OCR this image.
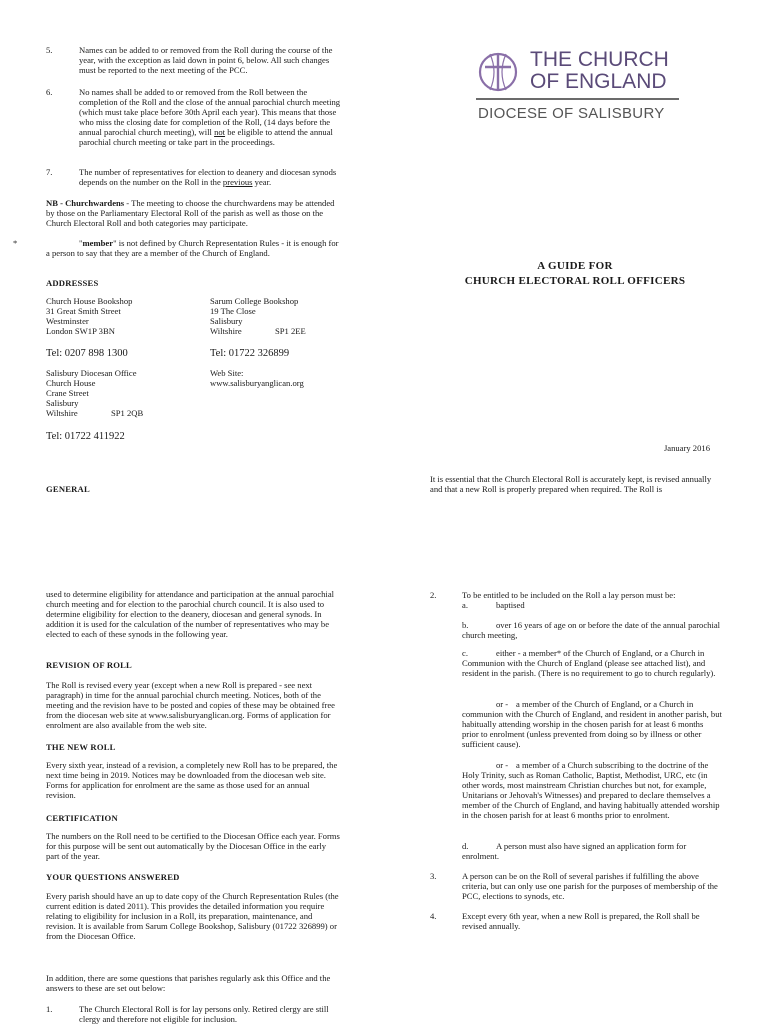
5.	Names can be added to or removed from the Roll during the course of the year, with the exception as laid down in point 6, below. All such changes must be reported to the next meeting of the PCC.
6.	No names shall be added to or removed from the Roll between the completion of the Roll and the close of the annual parochial church meeting (which must take place before 30th April each year). This means that those who miss the closing date for completion of the Roll, (14 days before the annual parochial church meeting), will not be eligible to attend the annual parochial church meeting or take part in the proceedings.
7.	The number of representatives for election to deanery and diocesan synods depends on the number on the Roll in the previous year.
NB - Churchwardens - The meeting to choose the churchwardens may be attended by those on the Parliamentary Electoral Roll of the parish as well as those on the Church Electoral Roll and both categories may participate.
*	"member" is not defined by Church Representation Rules - it is enough for a person to say that they are a member of the Church of England.
ADDRESSES
Church House Bookshop
31 Great Smith Street
Westminster
London SW1P 3BN
Tel: 0207 898 1300
Sarum College Bookshop
19 The Close
Salisbury
Wiltshire	SP1 2EE
Tel: 01722 326899
Salisbury Diocesan Office
Church House
Crane Street
Salisbury
Wiltshire	SP1 2QB
Web Site:
www.salisburyanglican.org
Tel: 01722 411922
GENERAL
THE CHURCH
OF ENGLAND
DIOCESE OF SALISBURY
A GUIDE FOR
CHURCH ELECTORAL ROLL OFFICERS
January 2016
It is essential that the Church Electoral Roll is accurately kept, is revised annually and that a new Roll is properly prepared when required. The Roll is
used to determine eligibility for attendance and participation at the annual parochial church meeting and for election to the parochial church council. It is also used to determine eligibility for election to the deanery, diocesan and general synods. In addition it is used for the calculation of the number of representatives who may be elected to each of these synods in the following year.
REVISION OF ROLL
The Roll is revised every year (except when a new Roll is prepared - see next paragraph) in time for the annual parochial church meeting. Notices, both of the meeting and the revision have to be posted and copies of these may be obtained free from the diocesan web site at www.salisburyanglican.org. Forms of application for enrolment are also available from the web site.
THE NEW ROLL
Every sixth year, instead of a revision, a completely new Roll has to be prepared, the next time being in 2019. Notices may be downloaded from the diocesan web site. Forms for application for enrolment are the same as those used for an annual revision.
CERTIFICATION
The numbers on the Roll need to be certified to the Diocesan Office each year. Forms for this purpose will be sent out automatically by the Diocesan Office in the early part of the year.
YOUR QUESTIONS ANSWERED
Every parish should have an up to date copy of the Church Representation Rules (the current edition is dated 2011). This provides the detailed information you require relating to eligibility for inclusion in a Roll, its preparation, maintenance, and revision. It is available from Sarum College Bookshop, Salisbury (01722 326899) or from the Diocesan Office.
In addition, there are some questions that parishes regularly ask this Office and the answers to these are set out below:
1.	The Church Electoral Roll is for lay persons only. Retired clergy are still clergy and therefore not eligible for inclusion.
2.	To be entitled to be included on the Roll a lay person must be:
a.	baptised
b.	over 16 years of age on or before the date of the annual parochial church meeting,
c.	either - a member* of the Church of England, or a Church in Communion with the Church of England (please see attached list), and resident in the parish. (There is no requirement to go to church regularly).
or - a member of the Church of England, or a Church in communion with the Church of England, and resident in another parish, but habitually attending worship in the chosen parish for at least 6 months prior to enrolment (unless prevented from doing so by illness or other sufficient cause).
or - a member of a Church subscribing to the doctrine of the Holy Trinity, such as Roman Catholic, Baptist, Methodist, URC, etc (in other words, most mainstream Christian churches but not, for example, Unitarians or Jehovah's Witnesses) and prepared to declare themselves a member of the Church of England, and having habitually attended worship in the chosen parish for at least 6 months prior to enrolment.
d.	A person must also have signed an application form for enrolment.
3.	A person can be on the Roll of several parishes if fulfilling the above criteria, but can only use one parish for the purposes of membership of the PCC, elections to synods, etc.
4.	Except every 6th year, when a new Roll is prepared, the Roll shall be revised annually.
